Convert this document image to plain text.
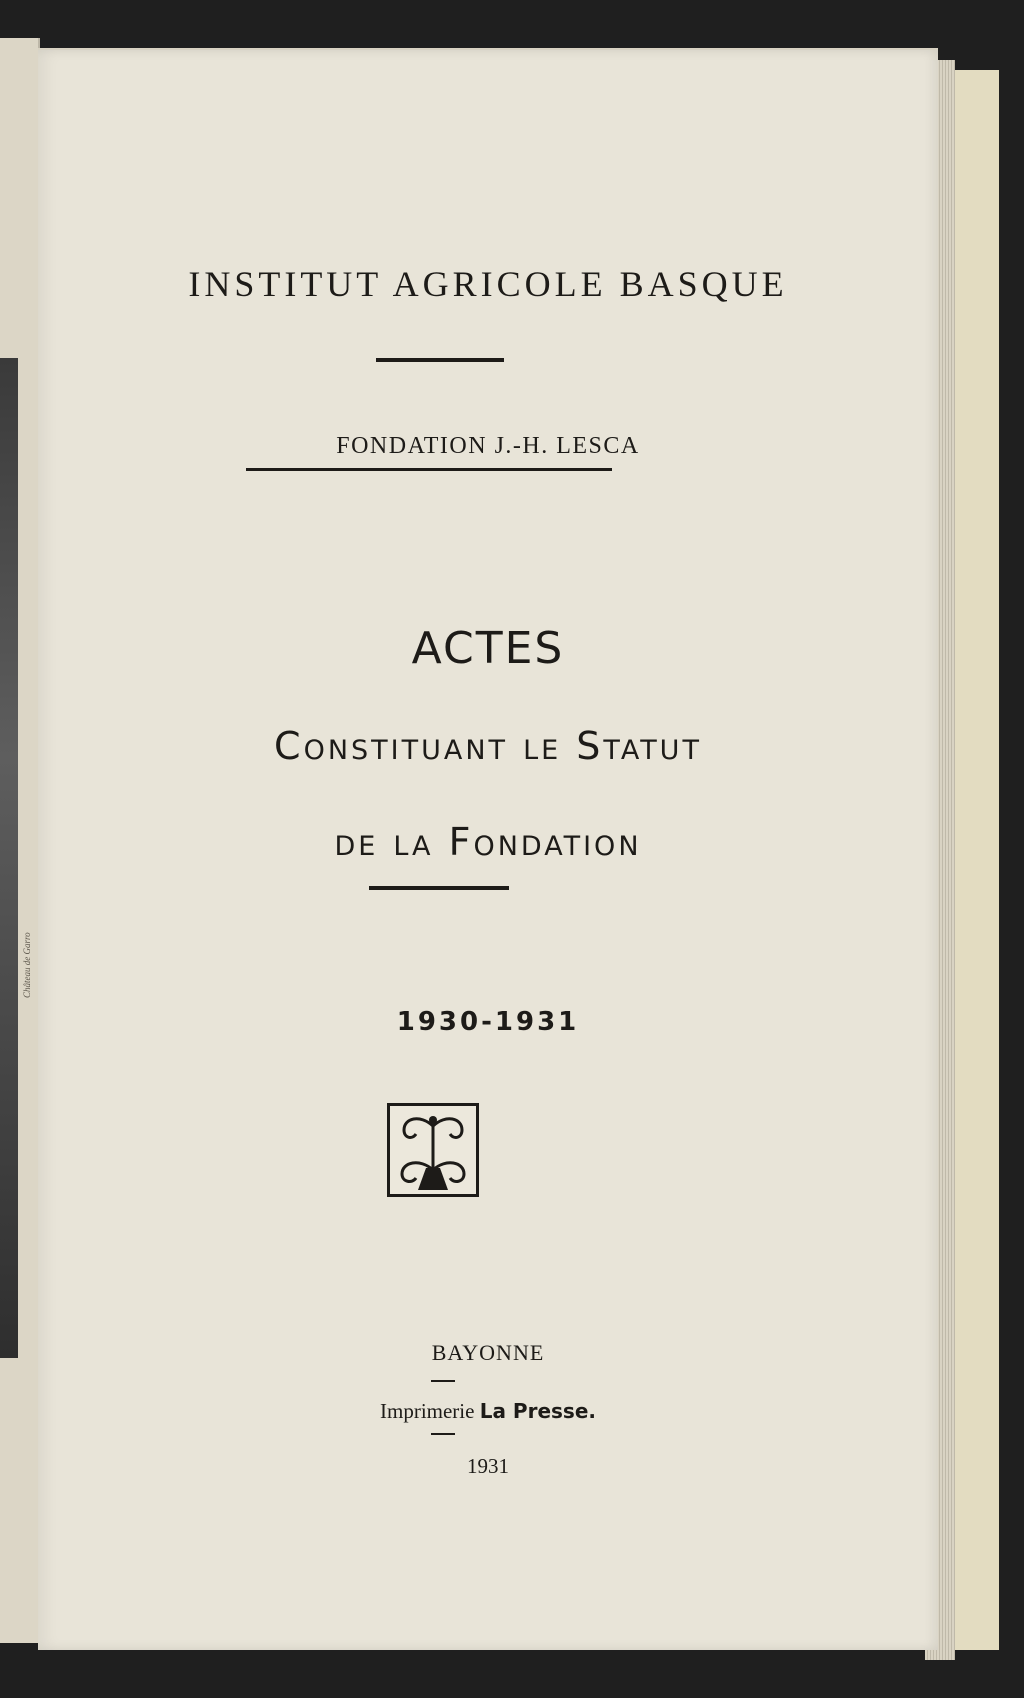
Château de Garro
INSTITUT AGRICOLE BASQUE
FONDATION J.-H. LESCA
ACTES
Constituant le Statut
de la Fondation
1930-1931
BAYONNE
Imprimerie La Presse.
1931
